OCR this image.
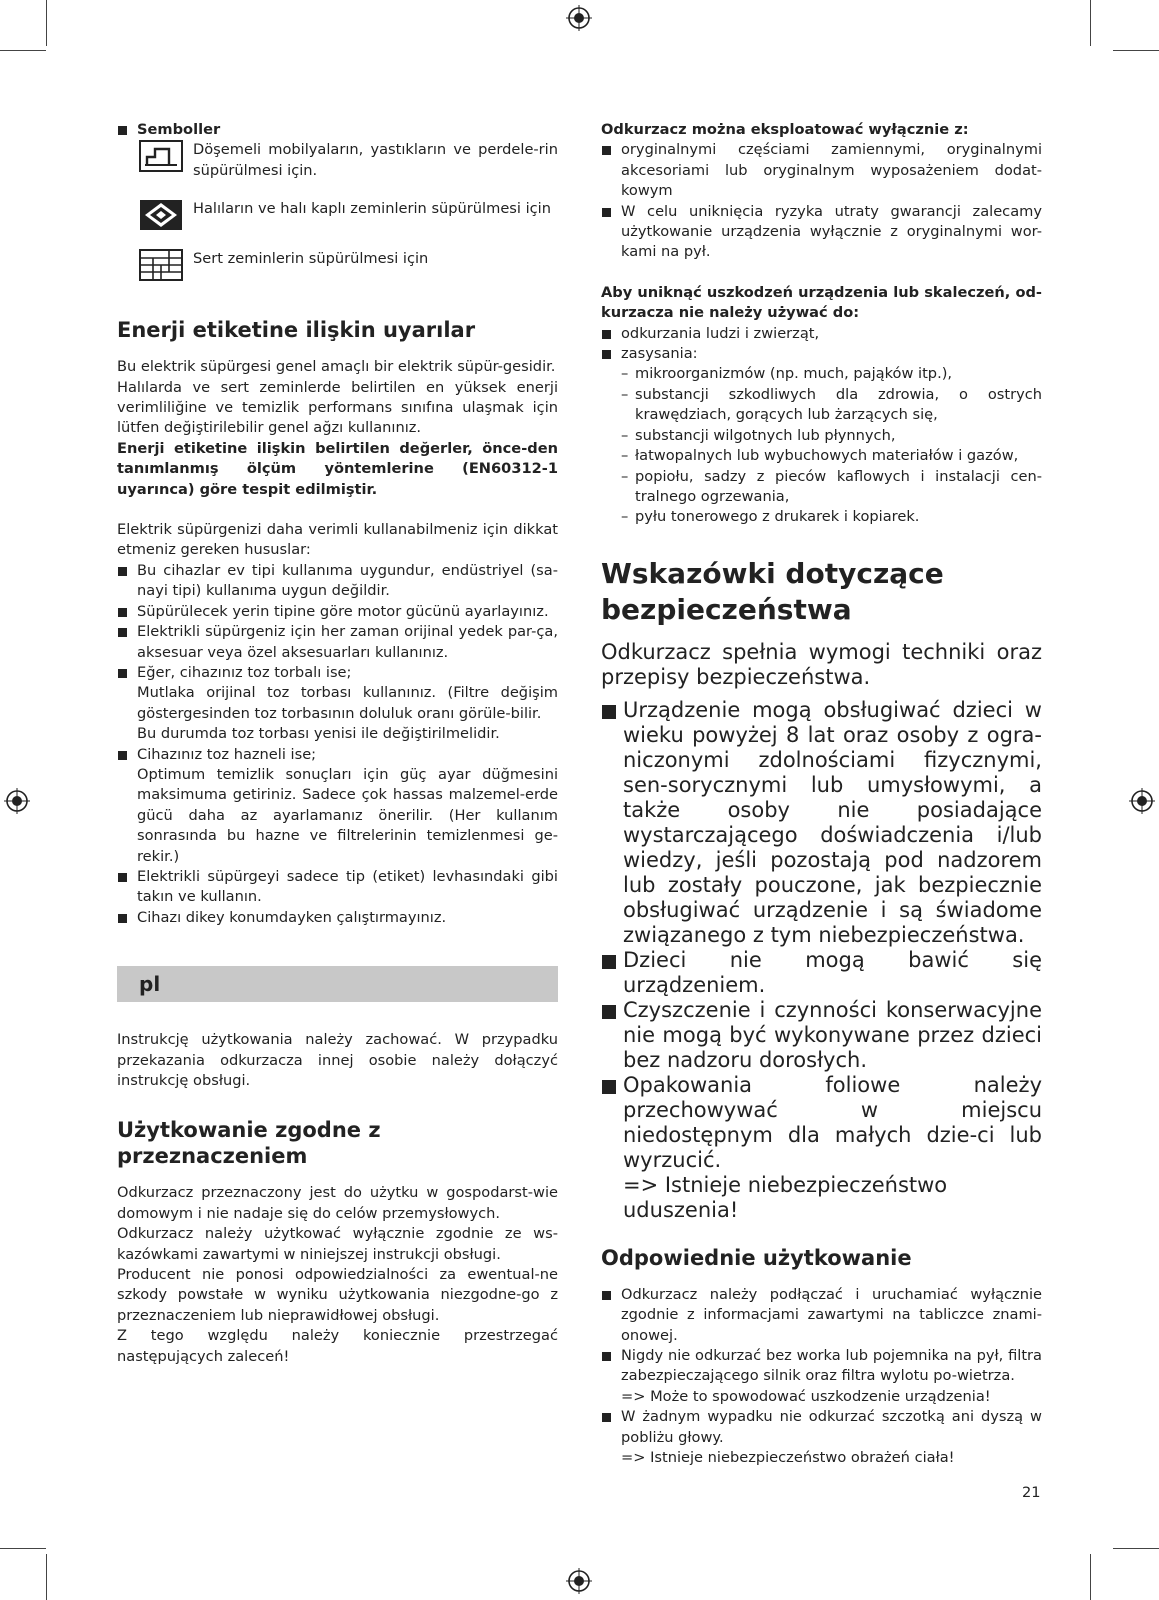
Semboller
Döşemeli mobilyaların, yastıkların ve perdele-rin süpürülmesi için.
Halıların ve halı kaplı zeminlerin süpürülmesi için
Sert zeminlerin süpürülmesi için
Enerji etiketine ilişkin uyarılar

Bu elektrik süpürgesi genel amaçlı bir elektrik süpür-gesidir.

Halılarda ve sert zeminlerde belirtilen en yüksek enerji verimliliğine ve temizlik performans sınıfına ulaşmak için lütfen değiştirilebilir genel ağzı kullanınız.

Enerji etiketine ilişkin belirtilen değerler, önce-den tanımlanmış ölçüm yöntemlerine (EN60312-1 uyarınca) göre tespit edilmiştir.

Elektrik süpürgenizi daha verimli kullanabilmeniz için dikkat etmeniz gereken hususlar:

Bu cihazlar ev tipi kullanıma uygundur, endüstriyel (sa-nayi tipi) kullanıma uygun değildir.
Süpürülecek yerin tipine göre motor gücünü ayarlayınız.
Elektrikli süpürgeniz için her zaman orijinal yedek par-ça, aksesuar veya özel aksesuarları kullanınız.
Eğer, cihazınız toz torbalı ise;
Mutlaka orijinal toz torbası kullanınız. (Filtre değişim göstergesinden toz torbasının doluluk oranı görüle-bilir.
Bu durumda toz torbası yenisi ile değiştirilmelidir.
Cihazınız toz hazneli ise;
Optimum temizlik sonuçları için güç ayar düğmesini maksimuma getiriniz. Sadece çok hassas malzemel-erde gücü daha az ayarlamanız önerilir. (Her kullanım sonrasında bu hazne ve filtrelerinin temizlenmesi ge-rekir.)
Elektrikli süpürgeyi sadece tip (etiket) levhasındaki gibi takın ve kullanın.
Cihazı dikey konumdayken çalıştırmayınız.
pl

Instrukcję użytkowania należy zachować. W przypadku przekazania odkurzacza innej osobie należy dołączyć instrukcję obsługi.

Użytkowanie zgodne z przeznaczeniem

Odkurzacz przeznaczony jest do użytku w gospodarst-wie domowym i nie nadaje się do celów przemysłowych.

Odkurzacz należy użytkować wyłącznie zgodnie ze ws-kazówkami zawartymi w niniejszej instrukcji obsługi.

Producent nie ponosi odpowiedzialności za ewentual-ne szkody powstałe w wyniku użytkowania niezgodne-go z przeznaczeniem lub nieprawidłowej obsługi.

Z tego względu należy koniecznie przestrzegać następujących zaleceń!

Odkurzacz można eksploatować wyłącznie z:

oryginalnymi częściami zamiennymi, oryginalnymi akcesoriami lub oryginalnym wyposażeniem dodat-kowym
W celu uniknięcia ryzyka utraty gwarancji zalecamy użytkowanie urządzenia wyłącznie z oryginalnymi wor-kami na pył.

Aby uniknąć uszkodzeń urządzenia lub skaleczeń, od-kurzacza nie należy używać do:

odkurzania ludzi i zwierząt,
zasysania:
– mikroorganizmów (np. much, pająków itp.),
– substancji szkodliwych dla zdrowia, o ostrych krawędziach, gorących lub żarzących się,
– substancji wilgotnych lub płynnych,
– łatwopalnych lub wybuchowych materiałów i gazów,
– popiołu, sadzy z pieców kaflowych i instalacji cen-tralnego ogrzewania,
– pyłu tonerowego z drukarek i kopiarek.
Wskazówki dotyczące
bezpieczeństwa

Odkurzacz spełnia wymogi techniki oraz przepisy bezpieczeństwa.

Urządzenie mogą obsługiwać dzieci w wieku powyżej 8 lat oraz osoby z ogra-niczonymi zdolnościami fizycznymi, sen-sorycznymi lub umysłowymi, a także osoby nie posiadające wystarczającego doświadczenia i/lub wiedzy, jeśli pozostają pod nadzorem lub zostały pouczone, jak bezpiecznie obsługiwać urządzenie i są świadome związanego z tym niebezpieczeństwa.
Dzieci nie mogą bawić się urządzeniem.
Czyszczenie i czynności konserwacyjne nie mogą być wykonywane przez dzieci bez nadzoru dorosłych.
Opakowania foliowe należy przechowywać w miejscu niedostępnym dla małych dzie-ci lub wyrzucić.

=> Istnieje niebezpieczeństwo uduszenia!

Odpowiednie użytkowanie
Odkurzacz należy podłączać i uruchamiać wyłącznie zgodnie z informacjami zawartymi na tabliczce znami-onowej.
Nigdy nie odkurzać bez worka lub pojemnika na pył, filtra zabezpieczającego silnik oraz filtra wylotu po-wietrza.
=> Może to spowodować uszkodzenie urządzenia!
W żadnym wypadku nie odkurzać szczotką ani dyszą w pobliżu głowy.
=> Istnieje niebezpieczeństwo obrażeń ciała!
21
